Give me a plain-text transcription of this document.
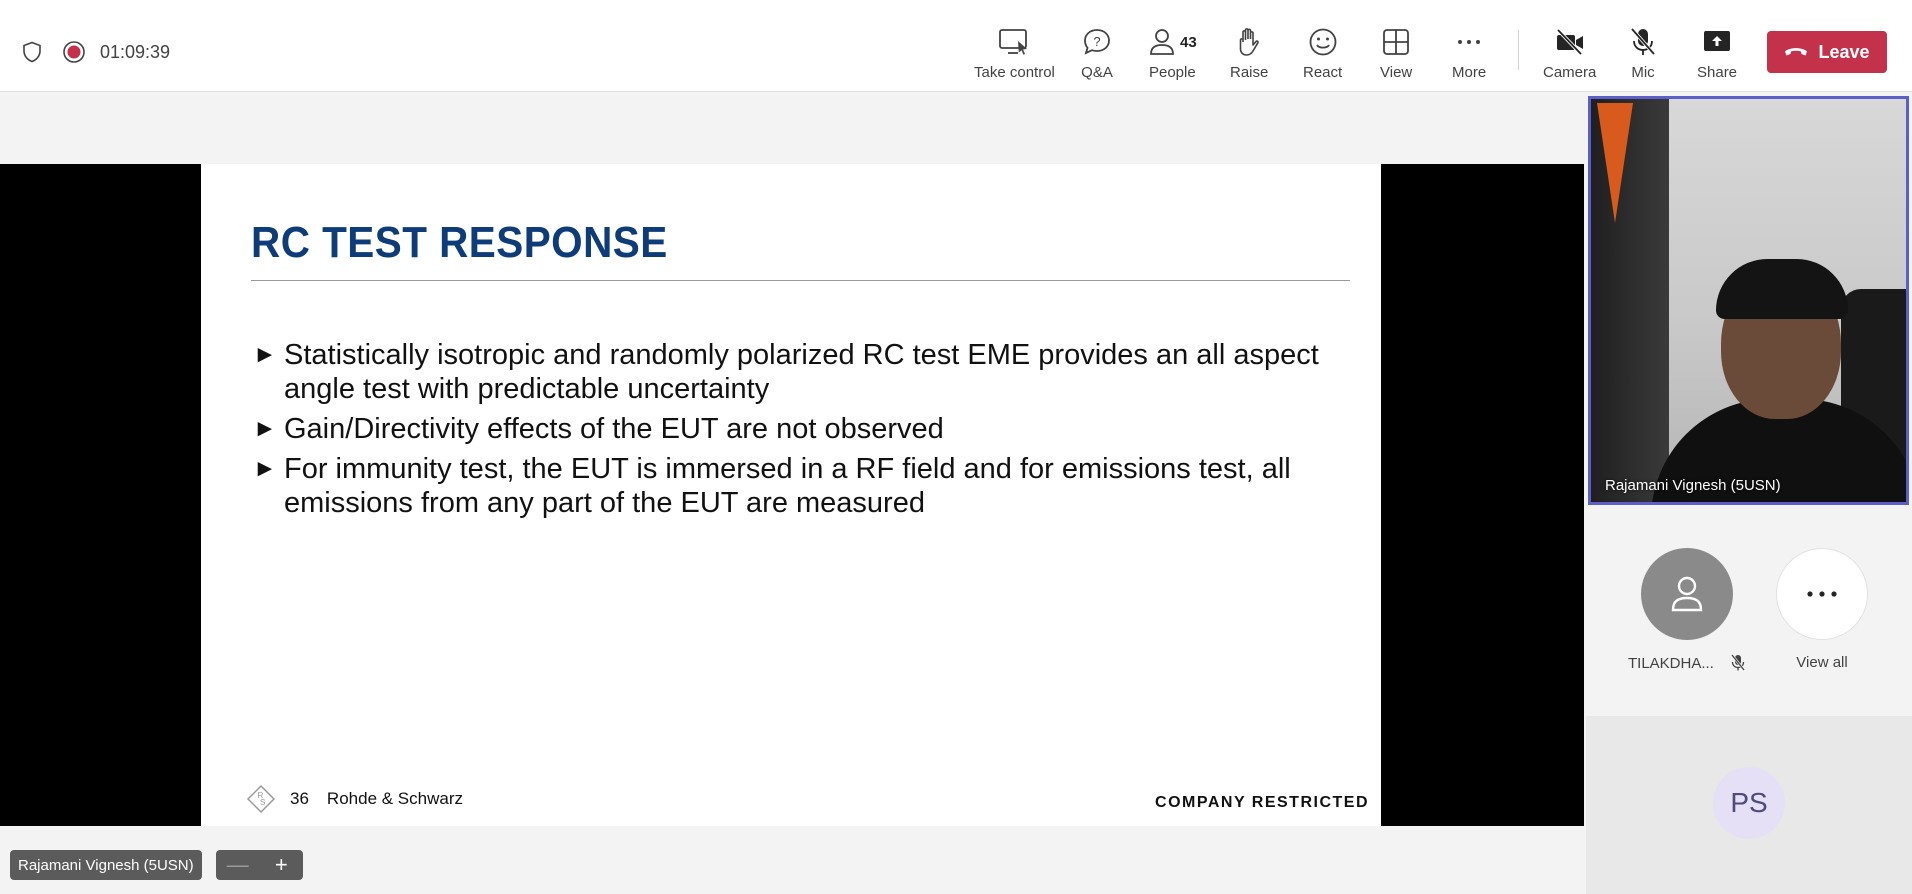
01:09:39
Take control
?
Q&A
43
People Raise React	View	More	Camera Mic	Share
Leave
RC TEST RESPONSE
► Statistically isotropic and randomly polarized RC test EME provides an all aspect angle test with predictable uncertainty
► Gain/Directivity effects of the EUT are not observed
► For immunity test, the EUT is immersed in a RF field and for emissions test, all emissions from any part of the EUT are measured
R
S 36 Rohde & Schwarz	COMPANY RESTRICTED
Rajamani Vignesh (5USN)	—	+
Rajamani Vignesh (5USN)
TILAKDHA...	View all
PS
